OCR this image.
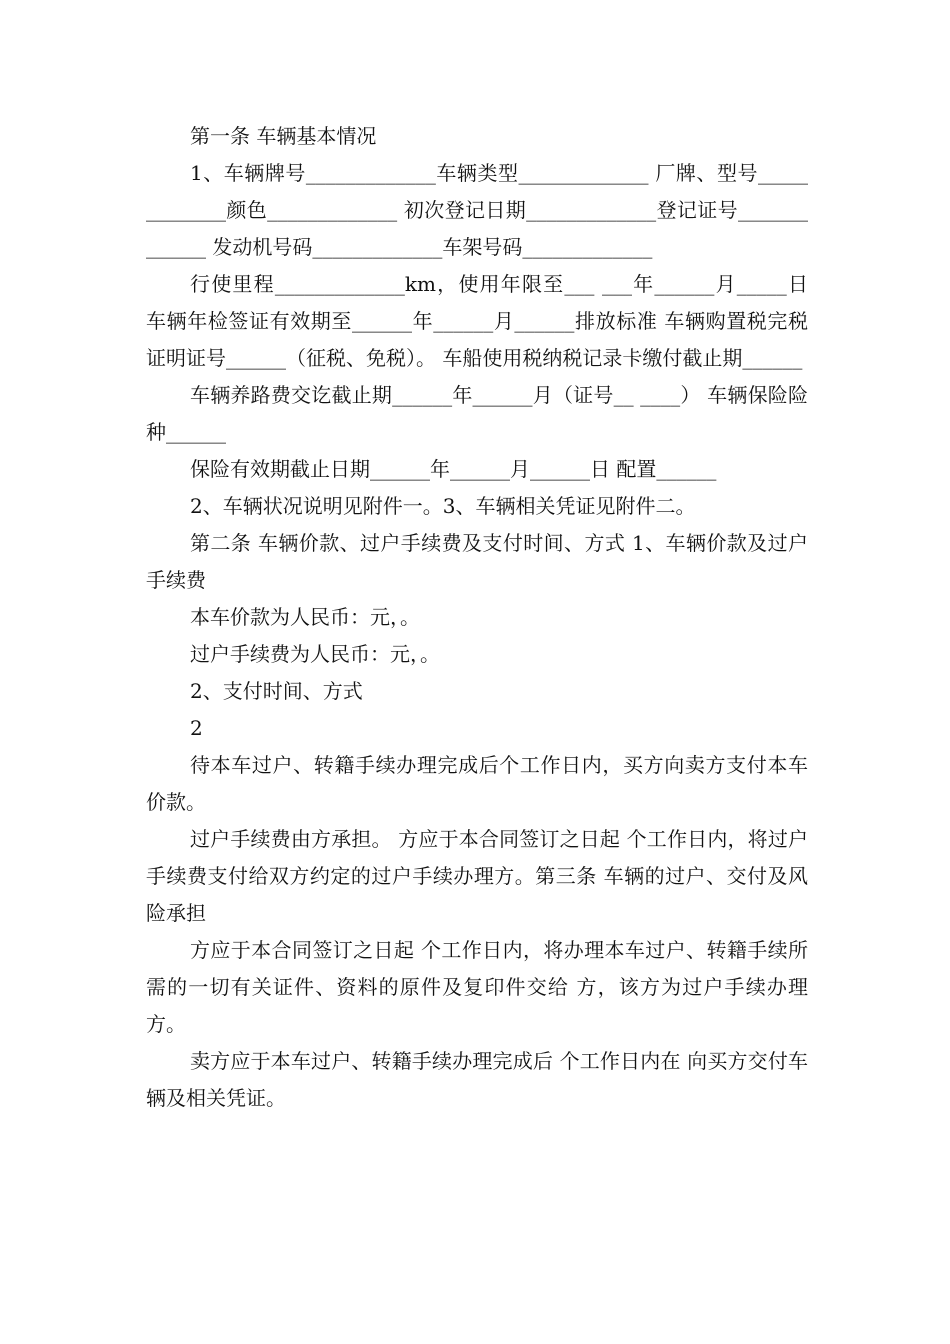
第一条 车辆基本情况

1、车辆牌号_____________车辆类型_____________ 厂牌、型号_____________颜色_____________ 初次登记日期_____________登记证号_____________ 发动机号码_____________车架号码_____________

行使里程_____________km，使用年限至___ ___年______月_____日 车辆年检签证有效期至______年______月______排放标准 车辆购置税完税证明证号______（征税、免税）。 车船使用税纳税记录卡缴付截止期______

车辆养路费交讫截止期______年______月（证号__ ____） 车辆保险险种______

保险有效期截止日期______年______月______日 配置______

2、车辆状况说明见附件一。3、车辆相关凭证见附件二。

第二条 车辆价款、过户手续费及支付时间、方式 1、车辆价款及过户手续费

本车价款为人民币：元，。

过户手续费为人民币：元，。

2、支付时间、方式

2

待本车过户、转籍手续办理完成后个工作日内，买方向卖方支付本车价款。

过户手续费由方承担。 方应于本合同签订之日起 个工作日内，将过户手续费支付给双方约定的过户手续办理方。第三条 车辆的过户、交付及风险承担

方应于本合同签订之日起 个工作日内，将办理本车过户、转籍手续所需的一切有关证件、资料的原件及复印件交给 方，该方为过户手续办理方。

卖方应于本车过户、转籍手续办理完成后 个工作日内在 向买方交付车辆及相关凭证。
